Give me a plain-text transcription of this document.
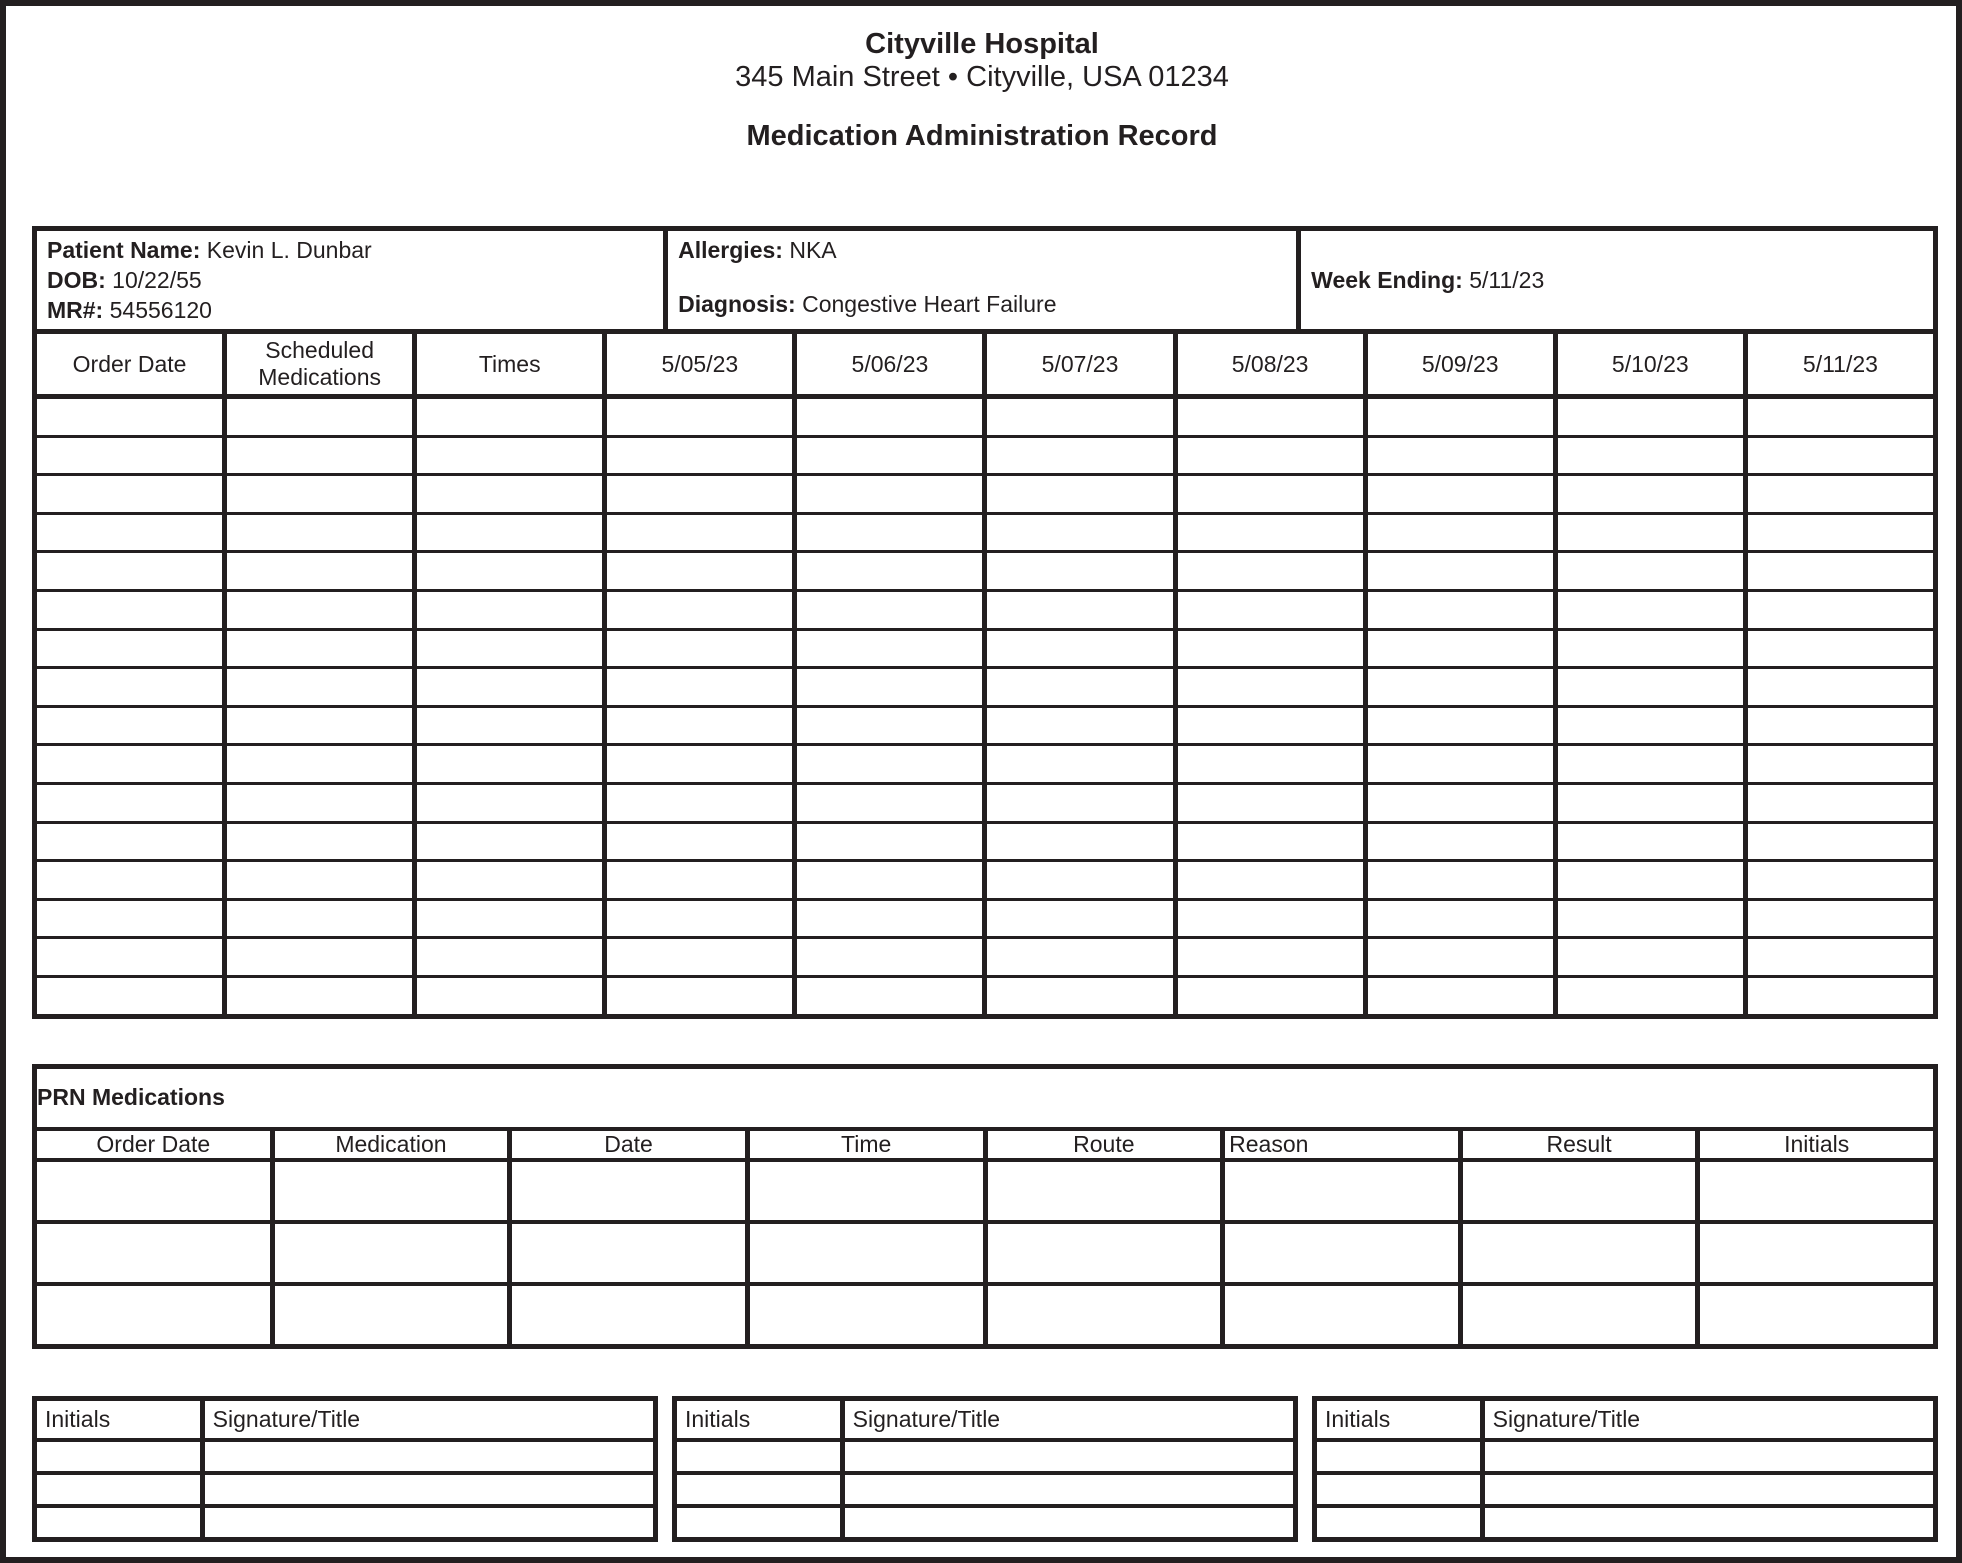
Cityville Hospital
345 Main Street • Cityville, USA 01234
Medication Administration Record
Patient Name: Kevin L. Dunbar
DOB: 10/22/55
MR#: 54556120

Allergies: NKA
Diagnosis: Congestive Heart Failure
	Week Ending: 5/11/23
Order Date	Scheduled Medications	Times	5/05/23	5/06/23	5/07/23	5/08/23	5/09/23	5/10/23	5/11/23

PRN Medications							
Order Date	Medication	Date	Time	Route	Reason	Result	Initials

Initials	Signature/Title

		Initials	Signature/Title

		Initials	Signature/Title
